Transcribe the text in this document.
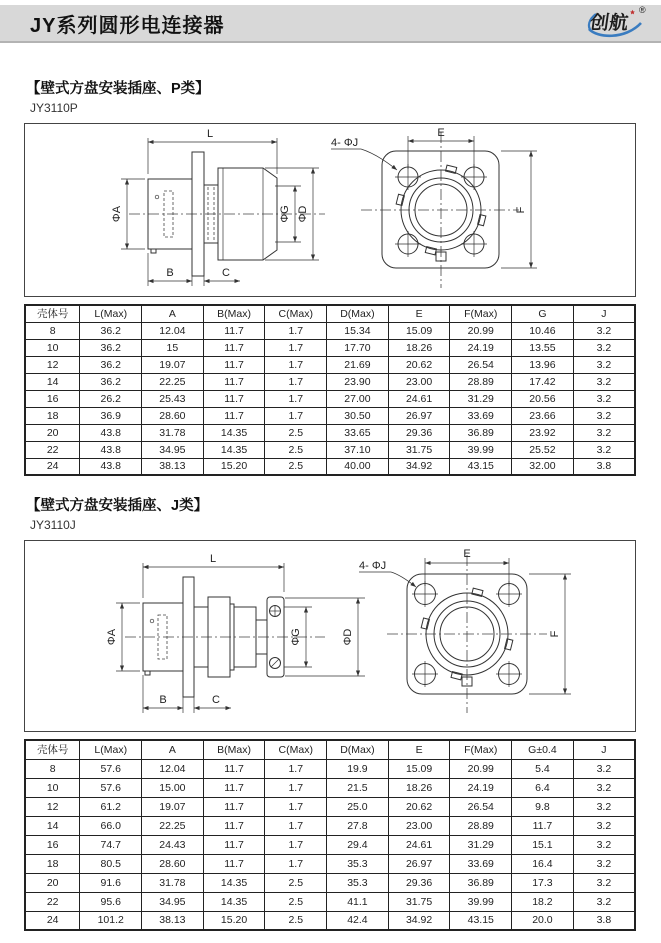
JY系列圆形电连接器	创航
®
【壁式方盘安装插座、P类】
JY3110P
L
ΦA	ΦG ΦD
B	C
E
F
4- ΦJ
壳体号	L(Max)	A	B(Max)	C(Max)	D(Max)	E	F(Max)	G	J
8	36.2	12.04	11.7	1.7	15.34	15.09	20.99	10.46	3.2
10	36.2	15	11.7	1.7	17.70	18.26	24.19	13.55	3.2
12	36.2	19.07	11.7	1.7	21.69	20.62	26.54	13.96	3.2
14	36.2	22.25	11.7	1.7	23.90	23.00	28.89	17.42	3.2
16	26.2	25.43	11.7	1.7	27.00	24.61	31.29	20.56	3.2
18	36.9	28.60	11.7	1.7	30.50	26.97	33.69	23.66	3.2
20	43.8	31.78	14.35	2.5	33.65	29.36	36.89	23.92	3.2
22	43.8	34.95	14.35	2.5	37.10	31.75	39.99	25.52	3.2
24	43.8	38.13	15.20	2.5	40.00	34.92	43.15	32.00	3.8
【壁式方盘安装插座、J类】
JY3110J
L
ΦA
B	C
ΦG	ΦD
E
F
4- ΦJ
壳体号	L(Max)	A	B(Max)	C(Max)	D(Max)	E	F(Max)	G±0.4	J
8	57.6	12.04	11.7	1.7	19.9	15.09	20.99	5.4	3.2
10	57.6	15.00	11.7	1.7	21.5	18.26	24.19	6.4	3.2
12	61.2	19.07	11.7	1.7	25.0	20.62	26.54	9.8	3.2
14	66.0	22.25	11.7	1.7	27.8	23.00	28.89	11.7	3.2
16	74.7	24.43	11.7	1.7	29.4	24.61	31.29	15.1	3.2
18	80.5	28.60	11.7	1.7	35.3	26.97	33.69	16.4	3.2
20	91.6	31.78	14.35	2.5	35.3	29.36	36.89	17.3	3.2
22	95.6	34.95	14.35	2.5	41.1	31.75	39.99	18.2	3.2
24	101.2	38.13	15.20	2.5	42.4	34.92	43.15	20.0	3.8
